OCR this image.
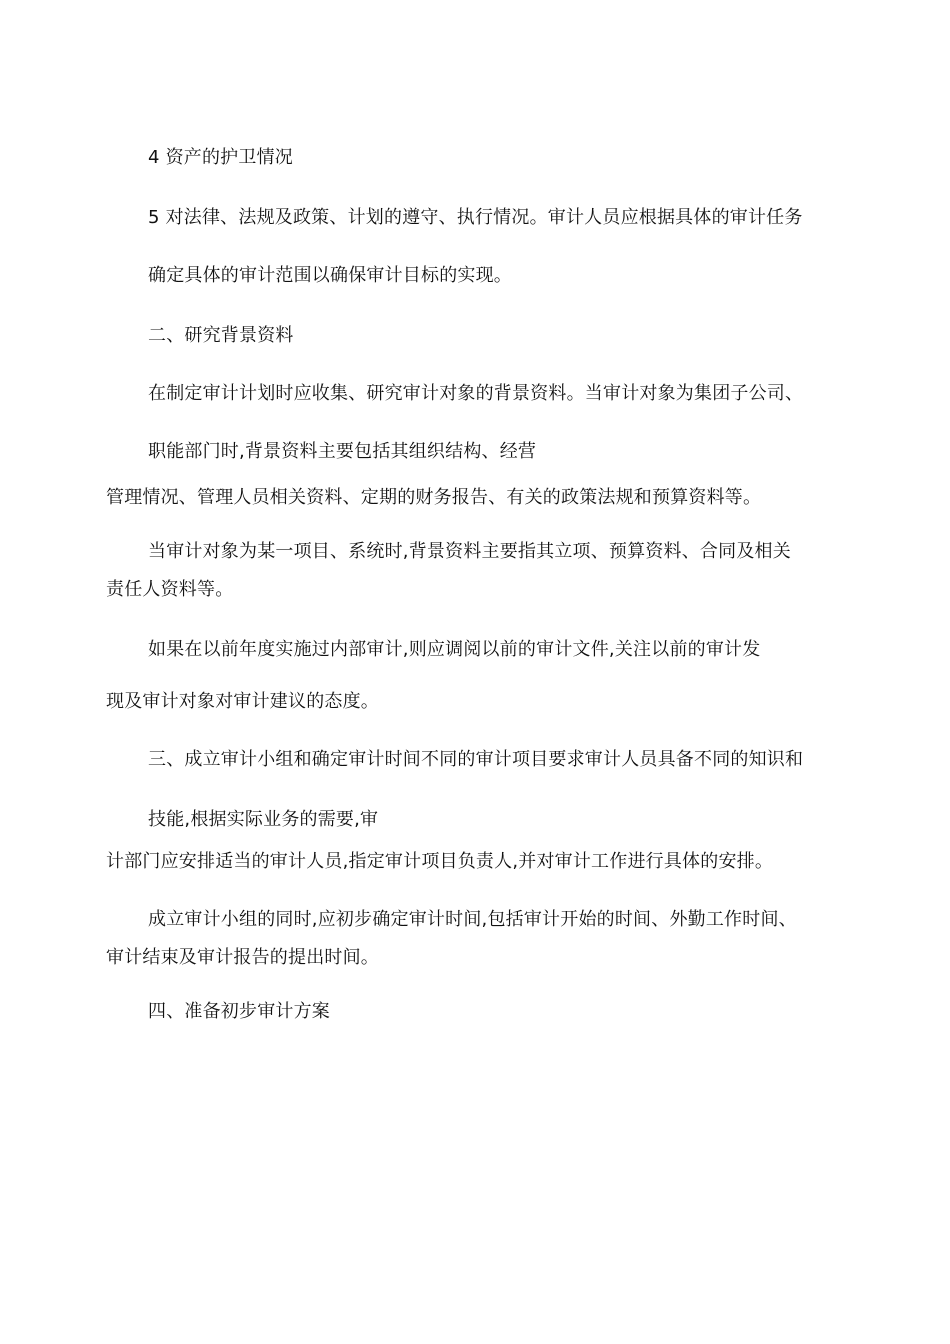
4 资产的护卫情况
5 对法律、法规及政策、计划的遵守、执行情况。审计人员应根据具体的审计任务
确定具体的审计范围以确保审计目标的实现。
二、研究背景资料
在制定审计计划时应收集、研究审计对象的背景资料。当审计对象为集团子公司、
职能部门时,背景资料主要包括其组织结构、经营
管理情况、管理人员相关资料、定期的财务报告、有关的政策法规和预算资料等。
当审计对象为某一项目、系统时,背景资料主要指其立项、预算资料、合同及相关
责任人资料等。
如果在以前年度实施过内部审计,则应调阅以前的审计文件,关注以前的审计发
现及审计对象对审计建议的态度。
三、成立审计小组和确定审计时间不同的审计项目要求审计人员具备不同的知识和
技能,根据实际业务的需要,审
计部门应安排适当的审计人员,指定审计项目负责人,并对审计工作进行具体的安排。
成立审计小组的同时,应初步确定审计时间,包括审计开始的时间、外勤工作时间、
审计结束及审计报告的提出时间。
四、准备初步审计方案
